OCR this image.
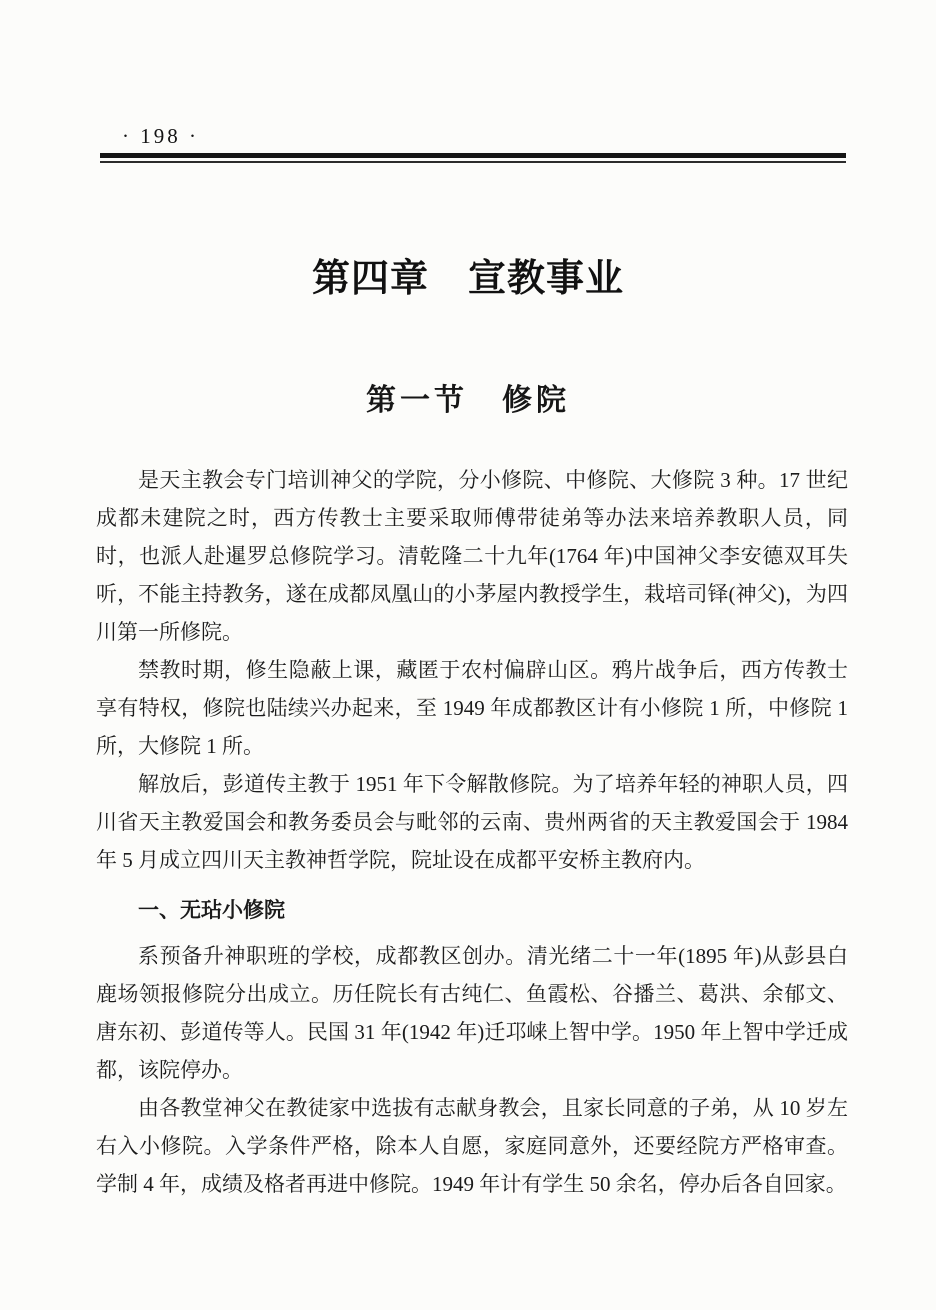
· 198 ·
第四章　宣教事业
第一节　修院

是天主教会专门培训神父的学院，分小修院、中修院、大修院 3 种。17 世纪成都未建院之时，西方传教士主要采取师傅带徒弟等办法来培养教职人员，同时，也派人赴暹罗总修院学习。清乾隆二十九年(1764 年)中国神父李安德双耳失听，不能主持教务，遂在成都凤凰山的小茅屋内教授学生，栽培司铎(神父)，为四川第一所修院。

禁教时期，修生隐蔽上课，藏匿于农村偏辟山区。鸦片战争后，西方传教士享有特权，修院也陆续兴办起来，至 1949 年成都教区计有小修院 1 所，中修院 1 所，大修院 1 所。

解放后，彭道传主教于 1951 年下令解散修院。为了培养年轻的神职人员，四川省天主教爱国会和教务委员会与毗邻的云南、贵州两省的天主教爱国会于 1984 年 5 月成立四川天主教神哲学院，院址设在成都平安桥主教府内。

一、无玷小修院

系预备升神职班的学校，成都教区创办。清光绪二十一年(1895 年)从彭县白鹿场领报修院分出成立。历任院长有古纯仁、鱼霞松、谷播兰、葛洪、余郁文、唐东初、彭道传等人。民国 31 年(1942 年)迁邛崃上智中学。1950 年上智中学迁成都，该院停办。

由各教堂神父在教徒家中选拔有志献身教会，且家长同意的子弟，从 10 岁左右入小修院。入学条件严格，除本人自愿，家庭同意外，还要经院方严格审查。学制 4 年，成绩及格者再进中修院。1949 年计有学生 50 余名，停办后各自回家。
